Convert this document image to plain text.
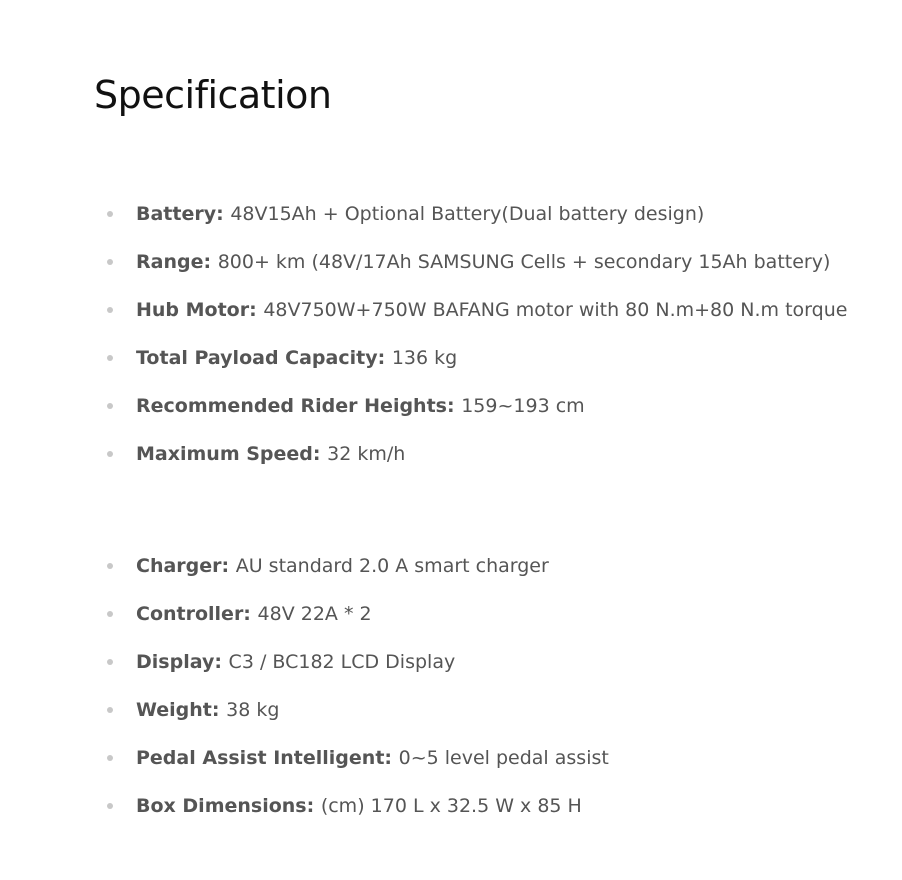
Specification
Battery: 48V15Ah + Optional Battery(Dual battery design)
Range: 800+ km (48V/17Ah SAMSUNG Cells + secondary 15Ah battery)
Hub Motor: 48V750W+750W BAFANG motor with 80 N.m+80 N.m torque
Total Payload Capacity: 136 kg
Recommended Rider Heights: 159~193 cm
Maximum Speed: 32 km/h
Charger: AU standard 2.0 A smart charger
Controller: 48V 22A * 2
Display: C3 / BC182 LCD Display
Weight: 38 kg
Pedal Assist Intelligent: 0~5 level pedal assist
Box Dimensions: (cm) 170 L x 32.5 W x 85 H
